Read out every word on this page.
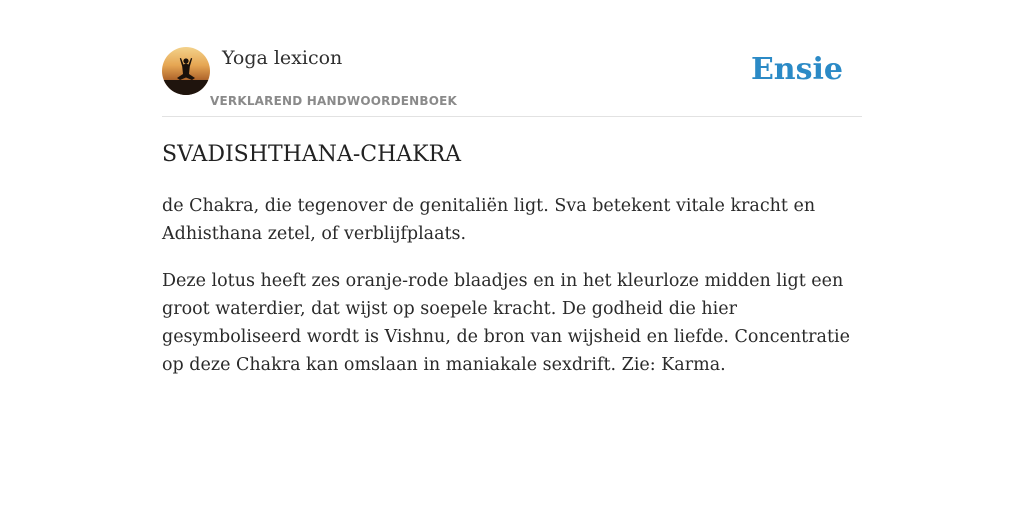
Yoga lexicon
VERKLAREND HANDWOORDENBOEK
Ensie
SVADISHTHANA-CHAKRA

de Chakra, die tegenover de genitaliën ligt. Sva betekent vitale kracht en Adhisthana zetel, of verblijfplaats.

Deze lotus heeft zes oranje-rode blaadjes en in het kleurloze midden ligt een groot waterdier, dat wijst op soepele kracht. De godheid die hier gesymboliseerd wordt is Vishnu, de bron van wijsheid en liefde. Concentratie op deze Chakra kan omslaan in maniakale sexdrift. Zie: Karma.
